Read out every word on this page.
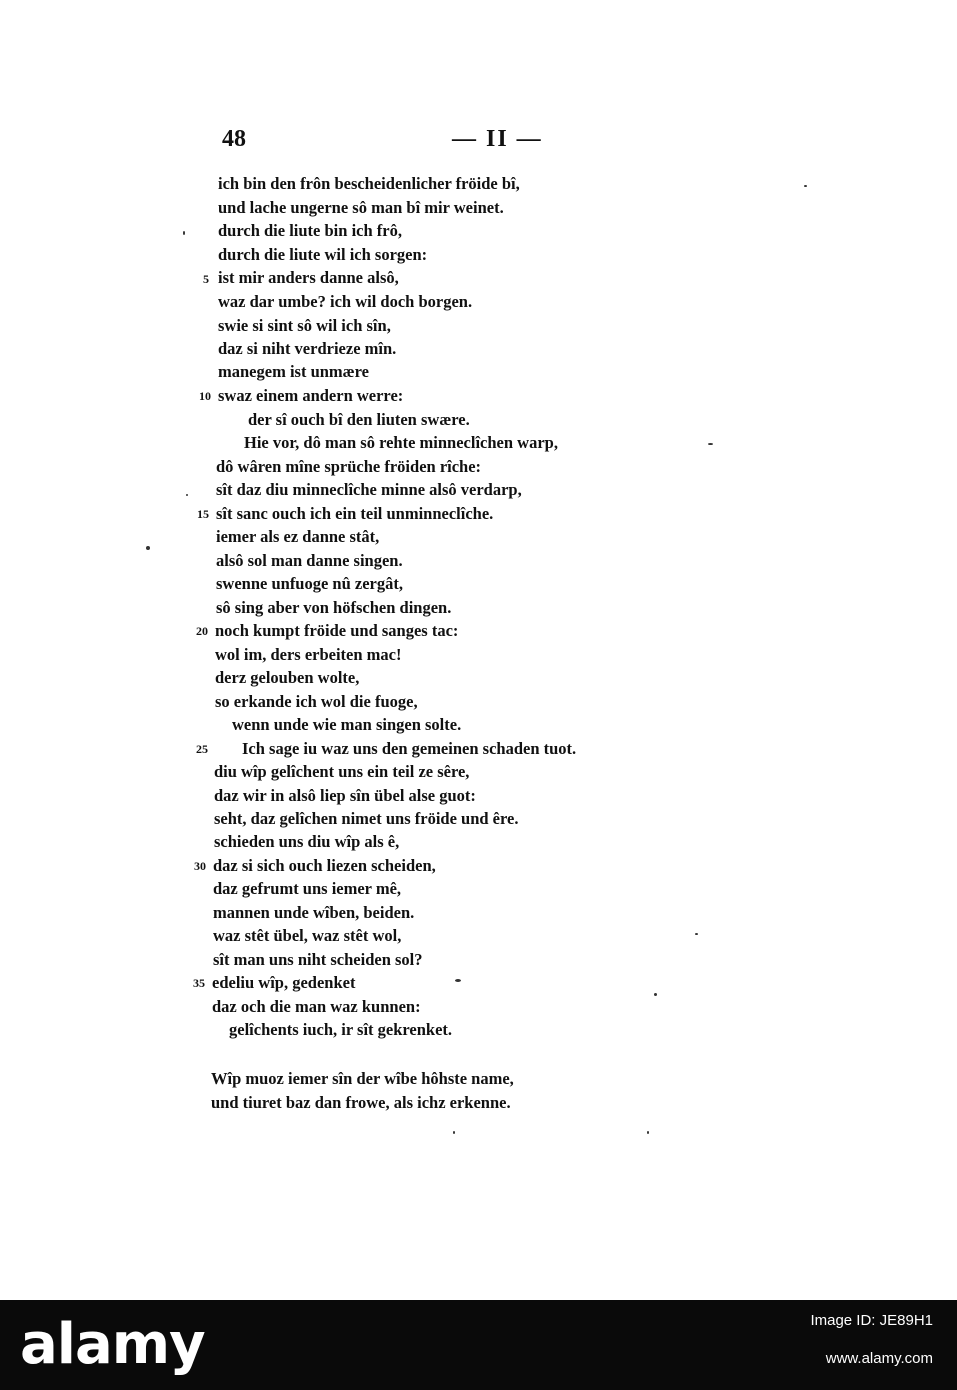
48	— II —
ich bin den frôn bescheidenlicher fröide bî,
und lache ungerne sô man bî mir weinet.
durch die liute bin ich frô,
durch die liute wil ich sorgen:
5 ist mir anders danne alsô,
waz dar umbe? ich wil doch borgen.
swie si sint sô wil ich sîn,
daz si niht verdrieze mîn.
manegem ist unmære
10 swaz einem andern werre:
der sî ouch bî den liuten swære.
Hie vor, dô man sô rehte minneclîchen warp,
dô wâren mîne sprüche fröiden rîche:
sît daz diu minneclîche minne alsô verdarp,
15 sît sanc ouch ich ein teil unminneclîche.
iemer als ez danne stât,
alsô sol man danne singen.
swenne unfuoge nû zergât,
sô sing aber von höfschen dingen.
20 noch kumpt fröide und sanges tac:
wol im, ders erbeiten mac!
derz gelouben wolte,
so erkande ich wol die fuoge,
wenn unde wie man singen solte.
25 Ich sage iu waz uns den gemeinen schaden tuot.
diu wîp gelîchent uns ein teil ze sêre,
daz wir in alsô liep sîn übel alse guot:
seht, daz gelîchen nimet uns fröide und êre.
schieden uns diu wîp als ê,
30 daz si sich ouch liezen scheiden,
daz gefrumt uns iemer mê,
mannen unde wîben, beiden.
waz stêt übel, waz stêt wol,
sît man uns niht scheiden sol?
35 edeliu wîp, gedenket
daz och die man waz kunnen:
gelîchents iuch, ir sît gekrenket.
Wîp muoz iemer sîn der wîbe hôhste name,
und tiuret baz dan frowe, als ichz erkenne.
alamy	Image ID: JE89H1
www.alamy.com
